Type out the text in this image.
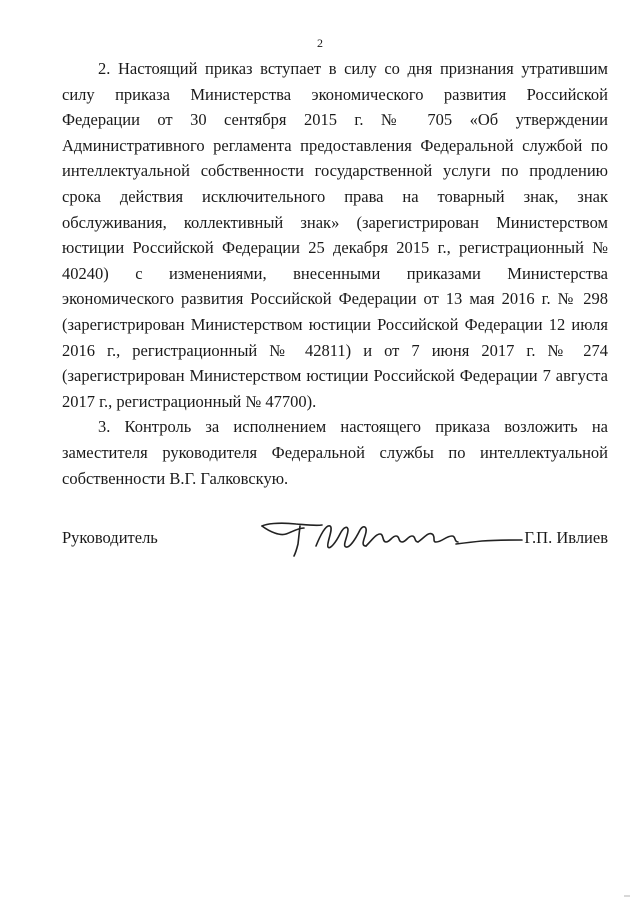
2

2. Настоящий приказ вступает в силу со дня признания утратившим силу приказа Министерства экономического развития Российской Федерации от 30 сентября 2015 г. № 705 «Об утверждении Административного регламента предоставления Федеральной службой по интеллектуальной собственности государственной услуги по продлению срока действия исключительного права на товарный знак, знак обслуживания, коллективный знак» (зарегистрирован Министерством юстиции Российской Федерации 25 декабря 2015 г., регистрационный № 40240) с изменениями, внесенными приказами Министерства экономического развития Российской Федерации от 13 мая 2016 г. № 298 (зарегистрирован Министерством юстиции Российской Федерации 12 июля 2016 г., регистрационный № 42811) и от 7 июня 2017 г. № 274 (зарегистрирован Министерством юстиции Российской Федерации 7 августа 2017 г., регистрационный № 47700).

3. Контроль за исполнением настоящего приказа возложить на заместителя руководителя Федеральной службы по интеллектуальной собственности В.Г. Галковскую.

Руководитель	Г.П. Ивлиев
